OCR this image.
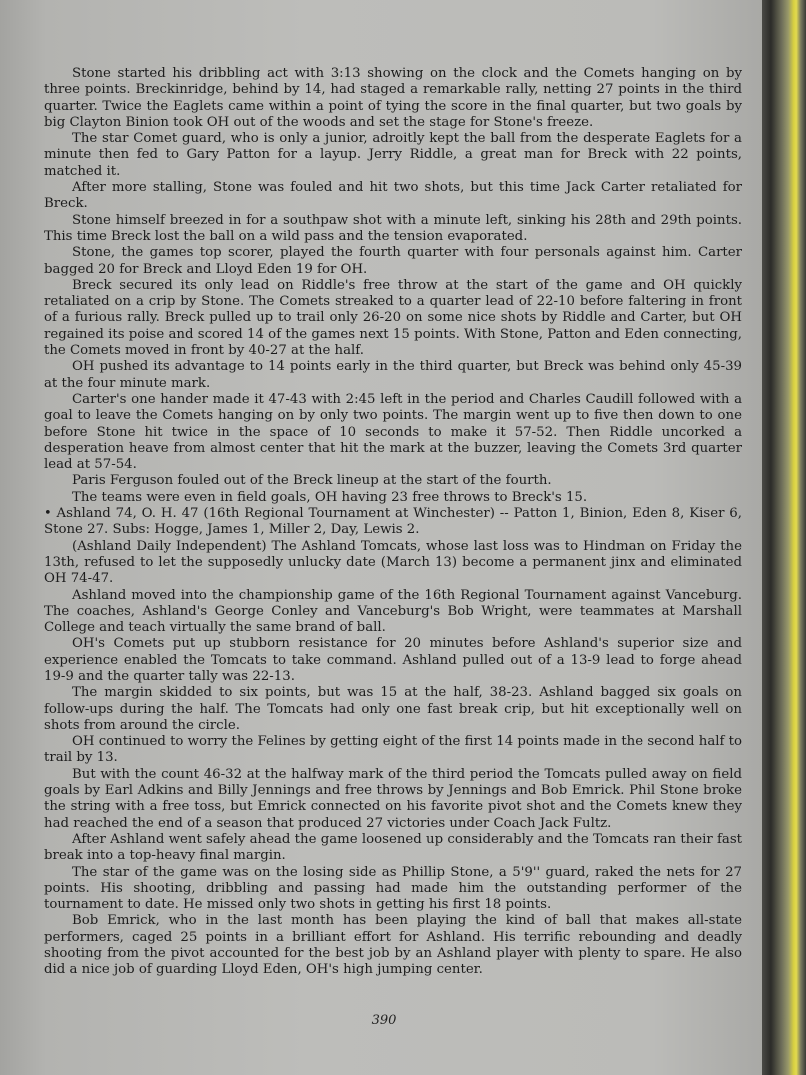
Stone started his dribbling act with 3:13 showing on the clock and the Comets hanging on by three points. Breckinridge, behind by 14, had staged a remarkable rally, netting 27 points in the third quarter. Twice the Eaglets came within a point of tying the score in the final quarter, but two goals by big Clayton Binion took OH out of the woods and set the stage for Stone's freeze.

The star Comet guard, who is only a junior, adroitly kept the ball from the desperate Eaglets for a minute then fed to Gary Patton for a layup. Jerry Riddle, a great man for Breck with 22 points, matched it.

After more stalling, Stone was fouled and hit two shots, but this time Jack Carter retaliated for Breck.

Stone himself breezed in for a southpaw shot with a minute left, sinking his 28th and 29th points. This time Breck lost the ball on a wild pass and the tension evaporated.

Stone, the games top scorer, played the fourth quarter with four personals against him. Carter bagged 20 for Breck and Lloyd Eden 19 for OH.

Breck secured its only lead on Riddle's free throw at the start of the game and OH quickly retaliated on a crip by Stone. The Comets streaked to a quarter lead of 22-10 before faltering in front of a furious rally. Breck pulled up to trail only 26-20 on some nice shots by Riddle and Carter, but OH regained its poise and scored 14 of the games next 15 points. With Stone, Patton and Eden connecting, the Comets moved in front by 40-27 at the half.

OH pushed its advantage to 14 points early in the third quarter, but Breck was behind only 45-39 at the four minute mark.

Carter's one hander made it 47-43 with 2:45 left in the period and Charles Caudill followed with a goal to leave the Comets hanging on by only two points. The margin went up to five then down to one before Stone hit twice in the space of 10 seconds to make it 57-52. Then Riddle uncorked a desperation heave from almost center that hit the mark at the buzzer, leaving the Comets 3rd quarter lead at 57-54.

Paris Ferguson fouled out of the Breck lineup at the start of the fourth.

The teams were even in field goals, OH having 23 free throws to Breck's 15.

• Ashland 74, O. H. 47 (16th Regional Tournament at Winchester) -- Patton 1, Binion, Eden 8, Kiser 6, Stone 27. Subs: Hogge, James 1, Miller 2, Day, Lewis 2.

(Ashland Daily Independent) The Ashland Tomcats, whose last loss was to Hindman on Friday the 13th, refused to let the supposedly unlucky date (March 13) become a permanent jinx and eliminated OH 74-47.

Ashland moved into the championship game of the 16th Regional Tournament against Vanceburg. The coaches, Ashland's George Conley and Vanceburg's Bob Wright, were teammates at Marshall College and teach virtually the same brand of ball.

OH's Comets put up stubborn resistance for 20 minutes before Ashland's superior size and experience enabled the Tomcats to take command. Ashland pulled out of a 13-9 lead to forge ahead 19-9 and the quarter tally was 22-13.

The margin skidded to six points, but was 15 at the half, 38-23. Ashland bagged six goals on follow-ups during the half. The Tomcats had only one fast break crip, but hit exceptionally well on shots from around the circle.

OH continued to worry the Felines by getting eight of the first 14 points made in the second half to trail by 13.

But with the count 46-32 at the halfway mark of the third period the Tomcats pulled away on field goals by Earl Adkins and Billy Jennings and free throws by Jennings and Bob Emrick. Phil Stone broke the string with a free toss, but Emrick connected on his favorite pivot shot and the Comets knew they had reached the end of a season that produced 27 victories under Coach Jack Fultz.

After Ashland went safely ahead the game loosened up considerably and the Tomcats ran their fast break into a top-heavy final margin.

The star of the game was on the losing side as Phillip Stone, a 5'9'' guard, raked the nets for 27 points. His shooting, dribbling and passing had made him the outstanding performer of the tournament to date. He missed only two shots in getting his first 18 points.

Bob Emrick, who in the last month has been playing the kind of ball that makes all-state performers, caged 25 points in a brilliant effort for Ashland. His terrific rebounding and deadly shooting from the pivot accounted for the best job by an Ashland player with plenty to spare. He also did a nice job of guarding Lloyd Eden, OH's high jumping center.

390
